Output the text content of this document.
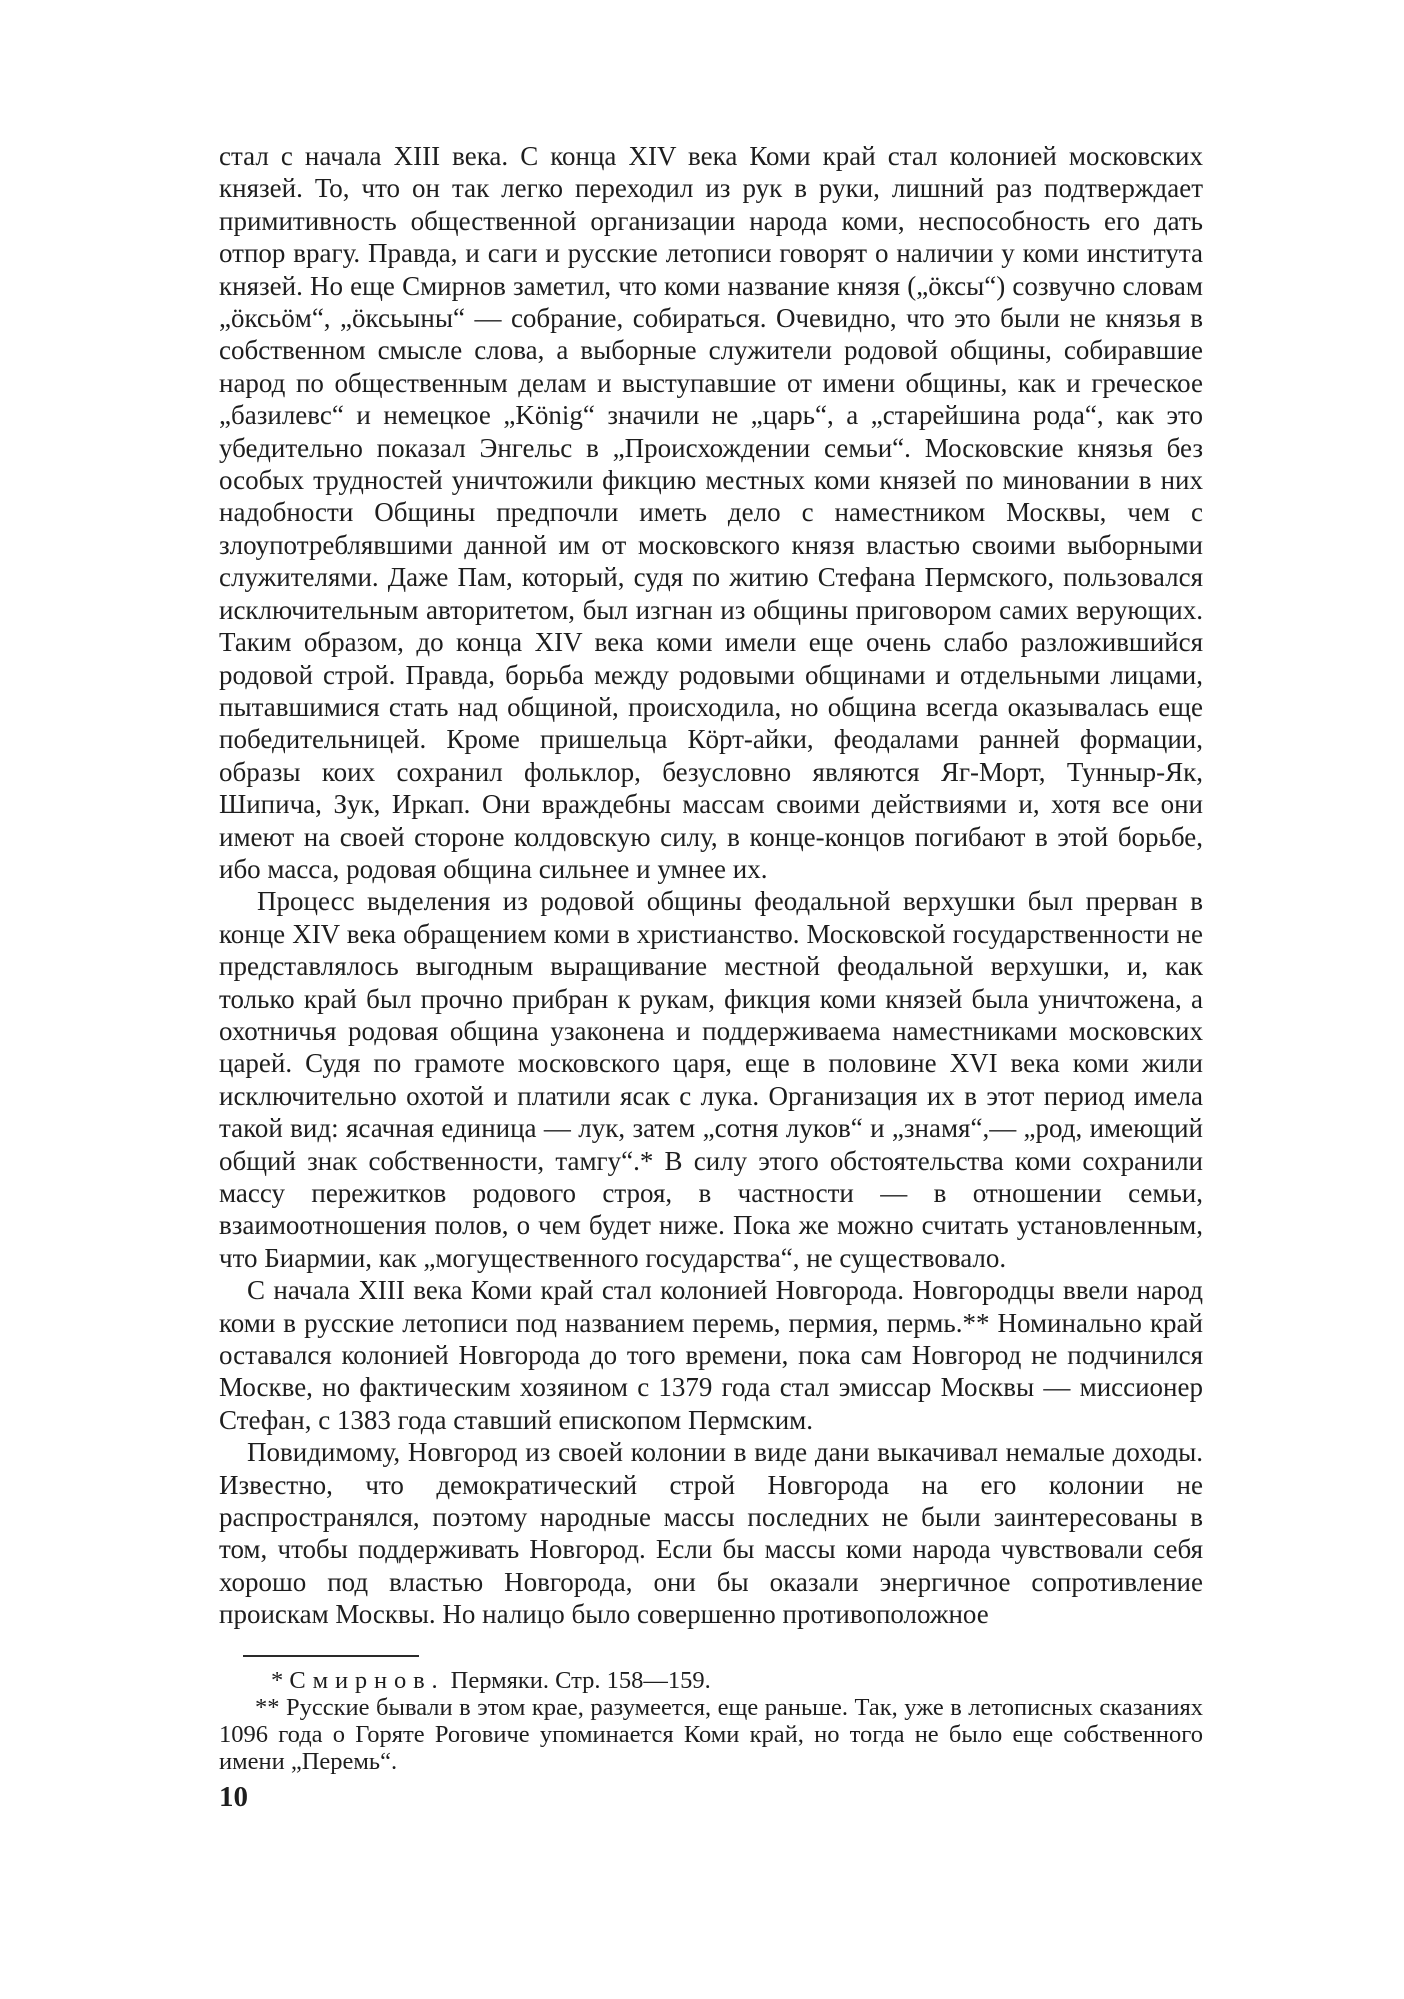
стал с начала XIII века. С конца XIV века Коми край стал колонией московских князей. То, что он так легко переходил из рук в руки, лишний раз подтверждает примитивность общественной организации народа коми, неспособность его дать отпор врагу. Правда, и саги и русские летописи говорят о наличии у коми института князей. Но еще Смирнов заметил, что коми название князя („öксы“) созвучно словам „öксьöм“, „öксьыны“ — собрание, собираться. Очевидно, что это были не князья в собственном смысле слова, а выборные служители родовой общины, собиравшие народ по общественным делам и выступавшие от имени общины, как и греческое „базилевс“ и немецкое „König“ значили не „царь“, а „старейшина рода“, как это убедительно показал Энгельс в „Происхождении семьи“. Московские князья без особых трудностей уничтожили фикцию местных коми князей по миновании в них надобности Общины предпочли иметь дело с наместником Москвы, чем с злоупотреблявшими данной им от московского князя властью своими выборными служителями. Даже Пам, который, судя по житию Стефана Пермского, пользовался исключительным авторитетом, был изгнан из общины приговором самих верующих. Таким образом, до конца XIV века коми имели еще очень слабо разложившийся родовой строй. Правда, борьба между родовыми общинами и отдельными лицами, пытавшимися стать над общиной, происходила, но община всегда оказывалась еще победительницей. Кроме пришельца Кöрт-айки, феодалами ранней формации, образы коих сохранил фольклор, безусловно являются Яг-Морт, Тунныр-Як, Шипича, Зук, Иркап. Они враждебны массам своими действиями и, хотя все они имеют на своей стороне колдовскую силу, в конце-концов погибают в этой борьбе, ибо масса, родовая община сильнее и умнее их.

Процесс выделения из родовой общины феодальной верхушки был прерван в конце XIV века обращением коми в христианство. Московской государственности не представлялось выгодным выращивание местной феодальной верхушки, и, как только край был прочно прибран к рукам, фикция коми князей была уничтожена, а охотничья родовая община узаконена и поддерживаема наместниками московских царей. Судя по грамоте московского царя, еще в половине XVI века коми жили исключительно охотой и платили ясак с лука. Организация их в этот период имела такой вид: ясачная единица — лук, затем „сотня луков“ и „знамя“,— „род, имеющий общий знак собственности, тамгу“.* В силу этого обстоятельства коми сохранили массу пережитков родового строя, в частности — в отношении семьи, взаимоотношения полов, о чем будет ниже. Пока же можно считать установленным, что Биармии, как „могущественного государства“, не существовало.

С начала XIII века Коми край стал колонией Новгорода. Новгородцы ввели народ коми в русские летописи под названием перемь, пермия, пермь.** Номинально край оставался колонией Новгорода до того времени, пока сам Новгород не подчинился Москве, но фактическим хозяином с 1379 года стал эмиссар Москвы — миссионер Стефан, с 1383 года ставший епископом Пермским.

Повидимому, Новгород из своей колонии в виде дани выкачивал немалые доходы. Известно, что демократический строй Новгорода на его колонии не распространялся, поэтому народные массы последних не были заинтересованы в том, чтобы поддерживать Новгород. Если бы массы коми народа чувствовали себя хорошо под властью Новгорода, они бы оказали энергичное сопротивление проискам Москвы. Но налицо было совершенно противоположное

* Смирнов. Пермяки. Стр. 158—159.

** Русские бывали в этом крае, разумеется, еще раньше. Так, уже в летописных сказаниях 1096 года о Горяте Роговиче упоминается Коми край, но тогда не было еще собственного имени „Перемь“.

10
